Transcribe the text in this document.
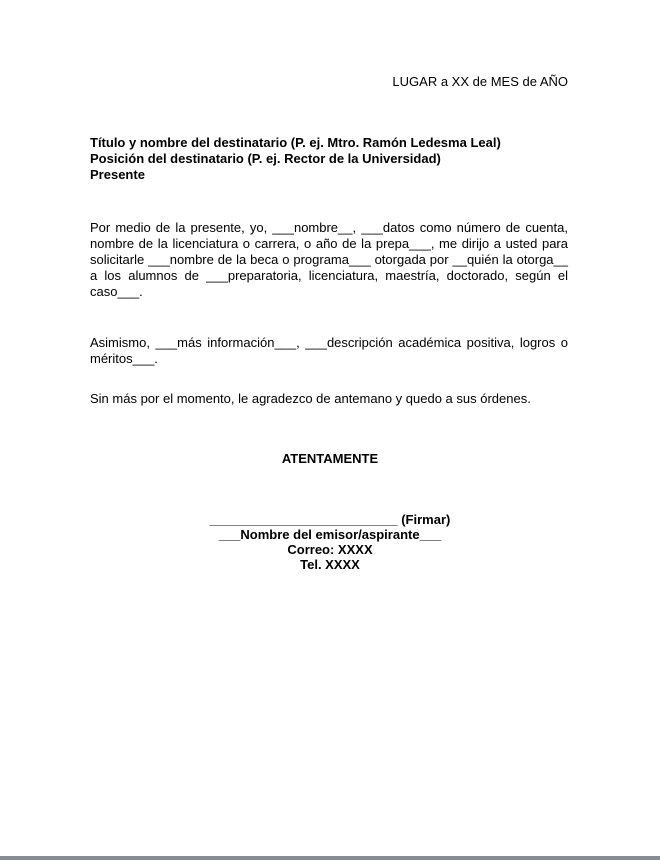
LUGAR a XX de MES de AÑO
Título y nombre del destinatario (P. ej. Mtro. Ramón Ledesma Leal)
Posición del destinatario (P. ej. Rector de la Universidad)
Presente
Por medio de la presente, yo, ___nombre__, ___datos como número de cuenta, nombre de la licenciatura o carrera, o año de la prepa___, me dirijo a usted para solicitarle ___nombre de la beca o programa___ otorgada por __quién la otorga__ a los alumnos de ___preparatoria, licenciatura, maestría, doctorado, según el caso___.
Asimismo, ___más información___, ___descripción académica positiva, logros o méritos___.
Sin más por el momento, le agradezco de antemano y quedo a sus órdenes.
ATENTAMENTE
__________________________ (Firmar)
___Nombre del emisor/aspirante___
Correo: XXXX
Tel. XXXX
